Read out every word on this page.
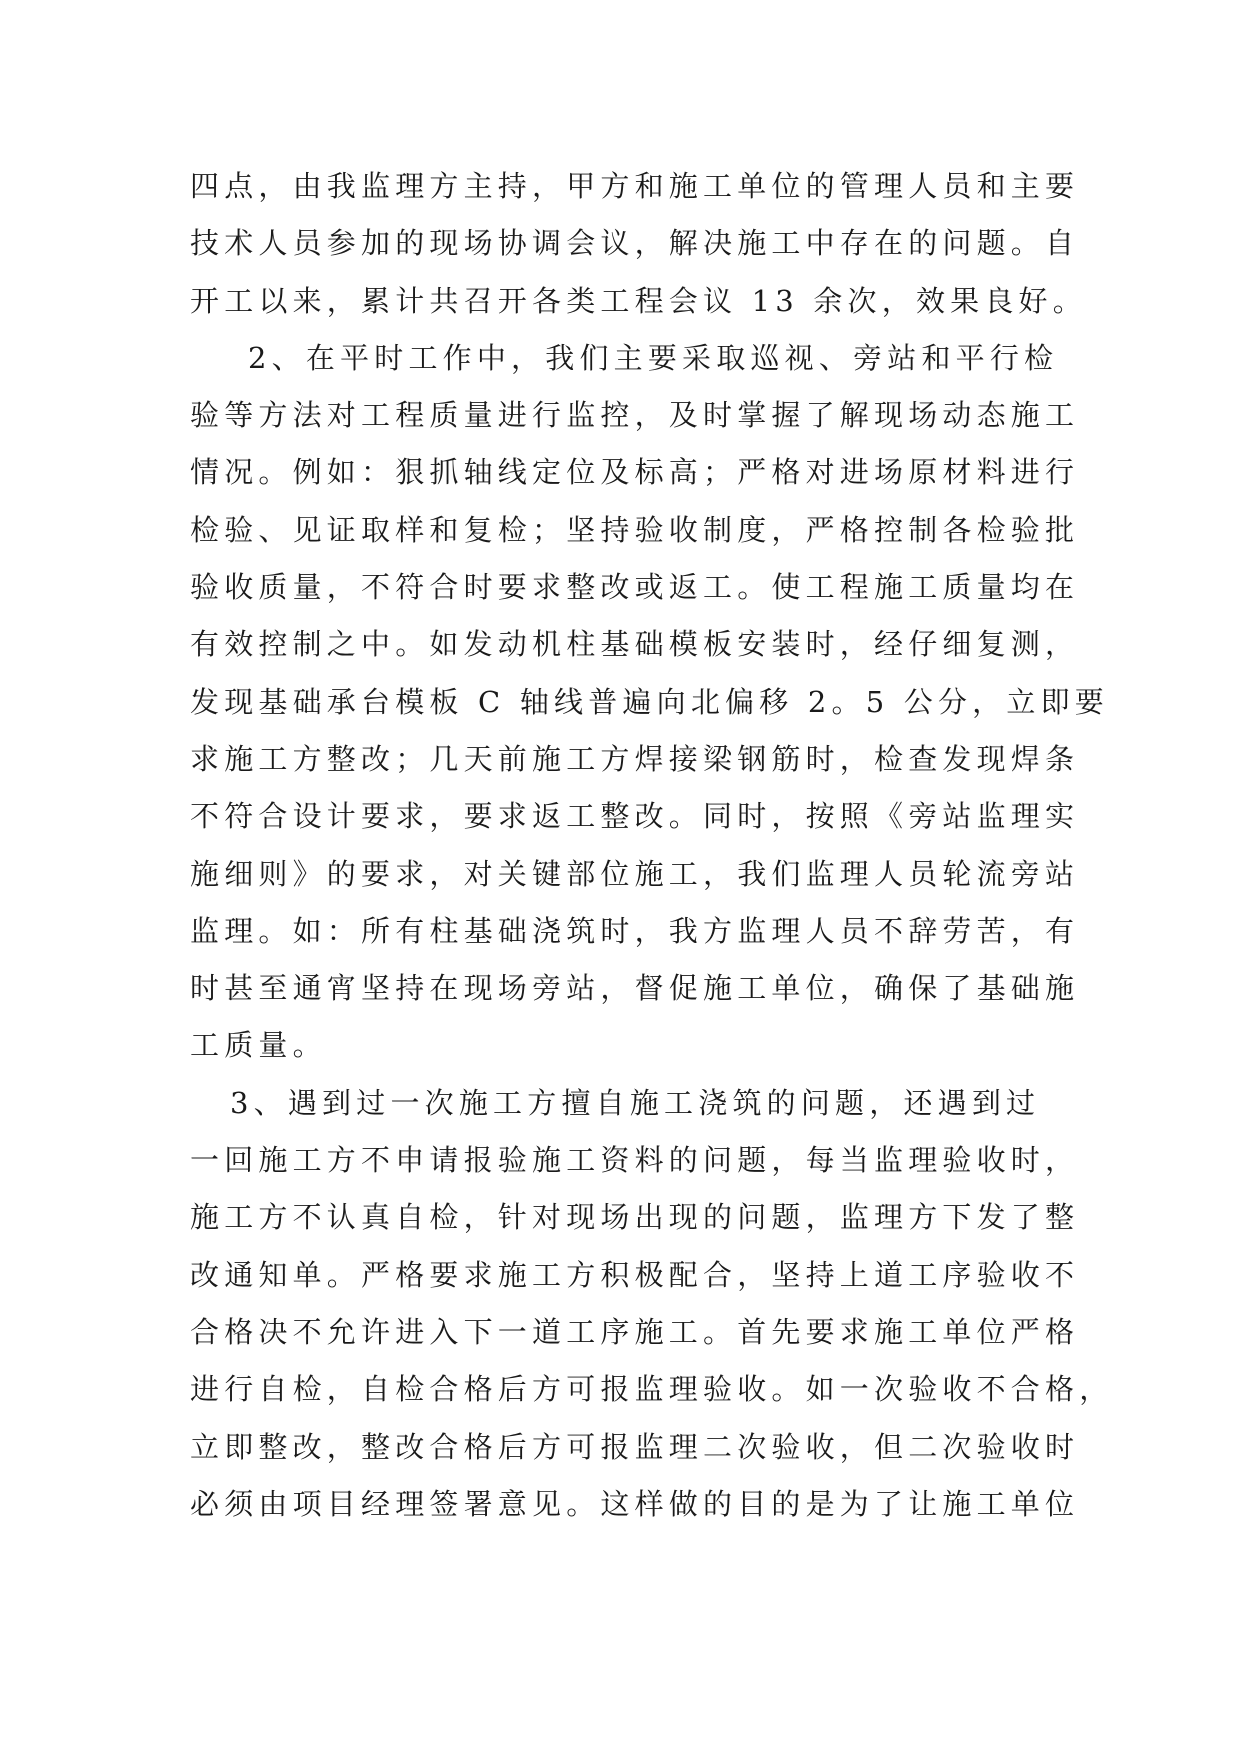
四点，由我监理方主持，甲方和施工单位的管理人员和主要
技术人员参加的现场协调会议，解决施工中存在的问题。自
开工以来，累计共召开各类工程会议 13 余次，效果良好。
2、在平时工作中，我们主要采取巡视、旁站和平行检
验等方法对工程质量进行监控，及时掌握了解现场动态施工
情况。例如：狠抓轴线定位及标高；严格对进场原材料进行
检验、见证取样和复检；坚持验收制度，严格控制各检验批
验收质量，不符合时要求整改或返工。使工程施工质量均在
有效控制之中。如发动机柱基础模板安装时，经仔细复测，
发现基础承台模板 C 轴线普遍向北偏移 2。5 公分，立即要
求施工方整改；几天前施工方焊接梁钢筋时，检查发现焊条
不符合设计要求，要求返工整改。同时，按照《旁站监理实
施细则》的要求，对关键部位施工，我们监理人员轮流旁站
监理。如：所有柱基础浇筑时，我方监理人员不辞劳苦，有
时甚至通宵坚持在现场旁站，督促施工单位，确保了基础施
工质量。
3、遇到过一次施工方擅自施工浇筑的问题，还遇到过
一回施工方不申请报验施工资料的问题，每当监理验收时，
施工方不认真自检，针对现场出现的问题，监理方下发了整
改通知单。严格要求施工方积极配合，坚持上道工序验收不
合格决不允许进入下一道工序施工。首先要求施工单位严格
进行自检，自检合格后方可报监理验收。如一次验收不合格，
立即整改，整改合格后方可报监理二次验收，但二次验收时
必须由项目经理签署意见。这样做的目的是为了让施工单位
